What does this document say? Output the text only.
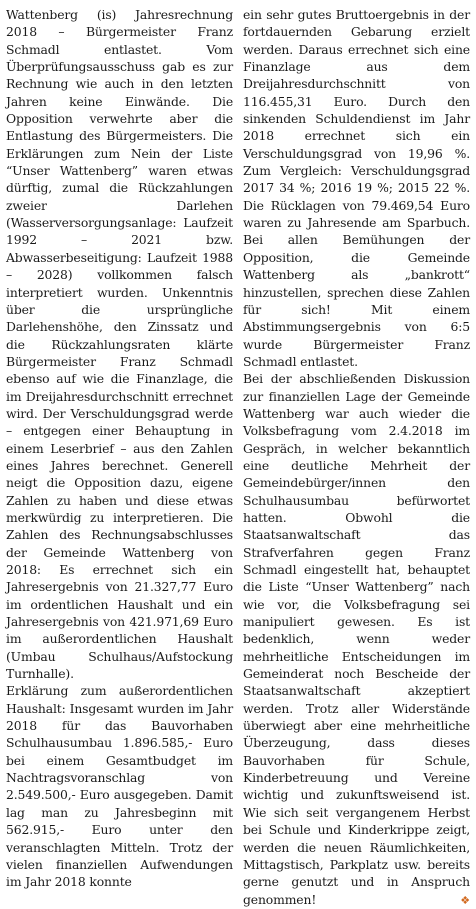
Wattenberg (is) Jahresrechnung 2018 – Bürgermeister Franz Schmadl entlastet. Vom Überprüfungsausschuss gab es zur Rechnung wie auch in den letzten Jahren keine Einwände. Die Opposition verwehrte aber die Entlastung des Bürgermeisters. Die Erklärungen zum Nein der Liste “Unser Wattenberg” waren etwas dürftig, zumal die Rückzahlungen zweier Darlehen (Wasserversorgungsanlage: Laufzeit 1992 – 2021 bzw. Abwasserbeseitigung: Laufzeit 1988 – 2028) vollkommen falsch interpretiert wurden. Unkenntnis über die ursprüngliche Darlehenshöhe, den Zinssatz und die Rückzahlungsraten klärte Bürgermeister Franz Schmadl ebenso auf wie die Finanzlage, die im Dreijahresdurchschnitt errechnet wird. Der Verschuldungsgrad werde – entgegen einer Behauptung in einem Leserbrief – aus den Zahlen eines Jahres berechnet. Generell neigt die Opposition dazu, eigene Zahlen zu haben und diese etwas merkwürdig zu interpretieren. Die Zahlen des Rechnungsabschlusses der Gemeinde Wattenberg von 2018: Es errechnet sich ein Jahresergebnis von 21.327,77 Euro im ordentlichen Haushalt und ein Jahresergebnis von 421.971,69 Euro im außerordentlichen Haushalt (Umbau Schulhaus/Aufstockung Turnhalle).

Erklärung zum außerordentlichen Haushalt: Insgesamt wurden im Jahr 2018 für das Bauvorhaben Schulhausumbau 1.896.585,- Euro bei einem Gesamtbudget im Nachtragsvoranschlag von 2.549.500,- Euro ausgegeben. Damit lag man zu Jahresbeginn mit 562.915,- Euro unter den veranschlagten Mitteln. Trotz der vielen finanziellen Aufwendungen im Jahr 2018 konnte

ein sehr gutes Bruttoergebnis in der fortdauernden Gebarung erzielt werden. Daraus errechnet sich eine Finanzlage aus dem Dreijahresdurchschnitt von 116.455,31 Euro. Durch den sinkenden Schuldendienst im Jahr 2018 errechnet sich ein Verschuldungsgrad von 19,96 %. Zum Vergleich: Verschuldungsgrad 2017 34 %; 2016 19 %; 2015 22 %. Die Rücklagen von 79.469,54 Euro waren zu Jahresende am Sparbuch. Bei allen Bemühungen der Opposition, die Gemeinde Wattenberg als „bankrott“ hinzustellen, sprechen diese Zahlen für sich! Mit einem Abstimmungsergebnis von 6:5 wurde Bürgermeister Franz Schmadl entlastet.

Bei der abschließenden Diskussion zur finanziellen Lage der Gemeinde Wattenberg war auch wieder die Volksbefragung vom 2.4.2018 im Gespräch, in welcher bekanntlich eine deutliche Mehrheit der Gemeindebürger/innen den Schulhausumbau befürwortet hatten. Obwohl die Staatsanwaltschaft das Strafverfahren gegen Franz Schmadl eingestellt hat, behauptet die Liste “Unser Wattenberg” nach wie vor, die Volksbefragung sei manipuliert gewesen. Es ist bedenklich, wenn weder mehrheitliche Entscheidungen im Gemeinderat noch Bescheide der Staatsanwaltschaft akzeptiert werden. Trotz aller Widerstände überwiegt aber eine mehrheitliche Überzeugung, dass dieses Bauvorhaben für Schule, Kinderbetreuung und Vereine wichtig und zukunftsweisend ist. Wie sich seit vergangenem Herbst bei Schule und Kinderkrippe zeigt, werden die neuen Räumlichkeiten, Mittagstisch, Parkplatz usw. bereits gerne genutzt und in Anspruch genommen!	❖
